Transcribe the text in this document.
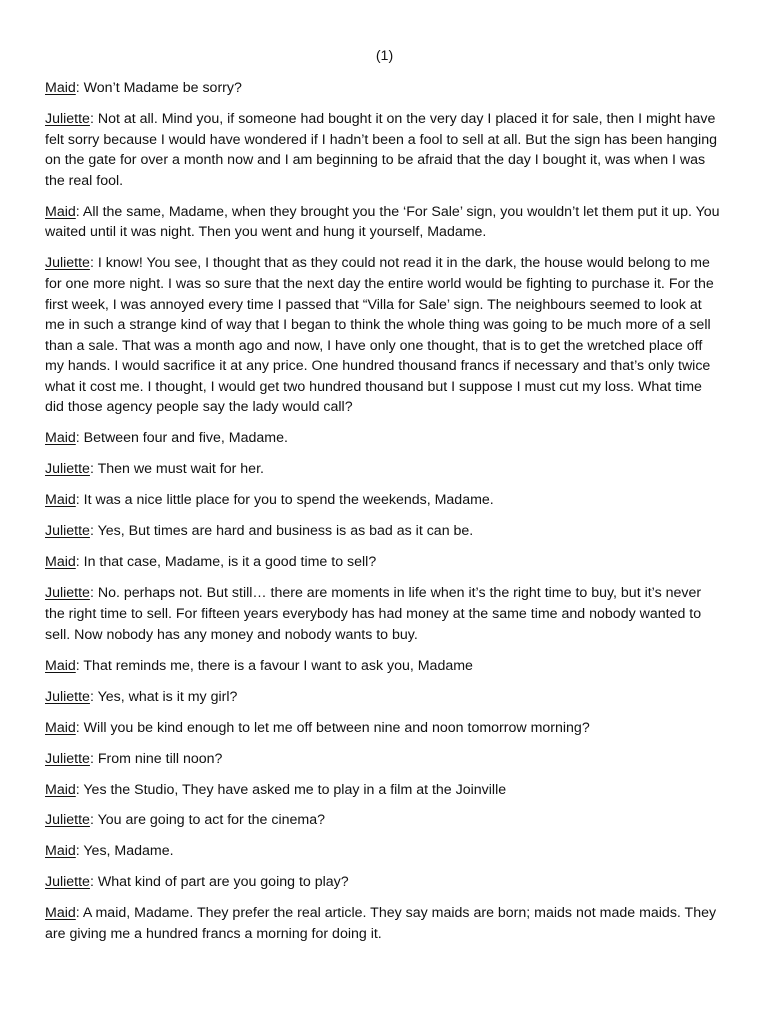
(1)

Maid: Won’t Madame be sorry?

Juliette: Not at all. Mind you, if someone had bought it on the very day I placed it for sale, then I might have felt sorry because I would have wondered if I hadn’t been a fool to sell at all. But the sign has been hanging on the gate for over a month now and I am beginning to be afraid that the day I bought it, was when I was the real fool.

Maid: All the same, Madame, when they brought you the ‘For Sale’ sign, you wouldn’t let them put it up. You waited until it was night. Then you went and hung it yourself, Madame.

Juliette: I know! You see, I thought that as they could not read it in the dark, the house would belong to me for one more night. I was so sure that the next day the entire world would be fighting to purchase it. For the first week, I was annoyed every time I passed that “Villa for Sale’ sign. The neighbours seemed to look at me in such a strange kind of way that I began to think the whole thing was going to be much more of a sell than a sale. That was a month ago and now, I have only one thought, that is to get the wretched place off my hands. I would sacrifice it at any price. One hundred thousand francs if necessary and that’s only twice what it cost me. I thought, I would get two hundred thousand but I suppose I must cut my loss. What time did those agency people say the lady would call?

Maid: Between four and five, Madame.

Juliette: Then we must wait for her.

Maid: It was a nice little place for you to spend the weekends, Madame.

Juliette: Yes, But times are hard and business is as bad as it can be.

Maid: In that case, Madame, is it a good time to sell?

Juliette: No. perhaps not. But still… there are moments in life when it’s the right time to buy, but it’s never the right time to sell. For fifteen years everybody has had money at the same time and nobody wanted to sell. Now nobody has any money and nobody wants to buy.

Maid: That reminds me, there is a favour I want to ask you, Madame

Juliette: Yes, what is it my girl?

Maid: Will you be kind enough to let me off between nine and noon tomorrow morning?

Juliette: From nine till noon?

Maid: Yes the Studio, They have asked me to play in a film at the Joinville

Juliette: You are going to act for the cinema?

Maid: Yes, Madame.

Juliette: What kind of part are you going to play?

Maid: A maid, Madame. They prefer the real article. They say maids are born; maids not made maids. They are giving me a hundred francs a morning for doing it.
